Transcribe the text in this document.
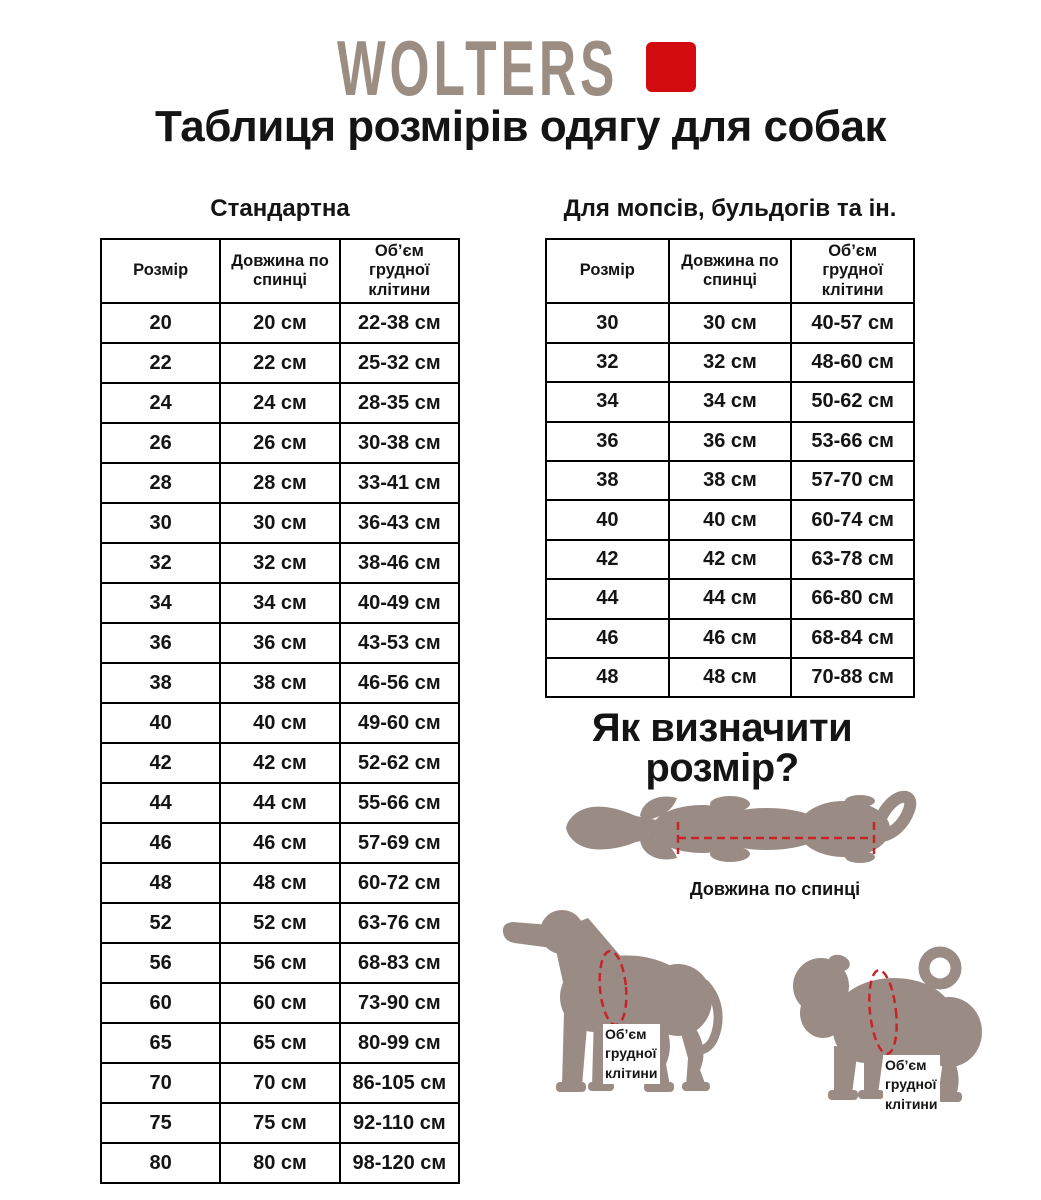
WOLTERS
Таблиця розмірів одягу для собак
Стандартна	Для мопсів, бульдогів та ін.
Розмір	Довжина по спинці	Об’єм грудної клітини
20	20 см	22-38 см
22	22 см	25-32 см
24	24 см	28-35 см
26	26 см	30-38 см
28	28 см	33-41 см
30	30 см	36-43 см
32	32 см	38-46 см
34	34 см	40-49 см
36	36 см	43-53 см
38	38 см	46-56 см
40	40 см	49-60 см
42	42 см	52-62 см
44	44 см	55-66 см
46	46 см	57-69 см
48	48 см	60-72 см
52	52 см	63-76 см
56	56 см	68-83 см
60	60 см	73-90 см
65	65 см	80-99 см
70	70 см	86-105 см
75	75 см	92-110 см
80	80 см	98-120 см
Розмір	Довжина по спинці	Об’єм грудної клітини
30	30 см	40-57 см
32	32 см	48-60 см
34	34 см	50-62 см
36	36 см	53-66 см
38	38 см	57-70 см
40	40 см	60-74 см
42	42 см	63-78 см
44	44 см	66-80 см
46	46 см	68-84 см
48	48 см	70-88 см
Як визначити розмір?
Довжина по спинці
Об’єм
грудної
клітини	Об’єм
грудної
клітини
